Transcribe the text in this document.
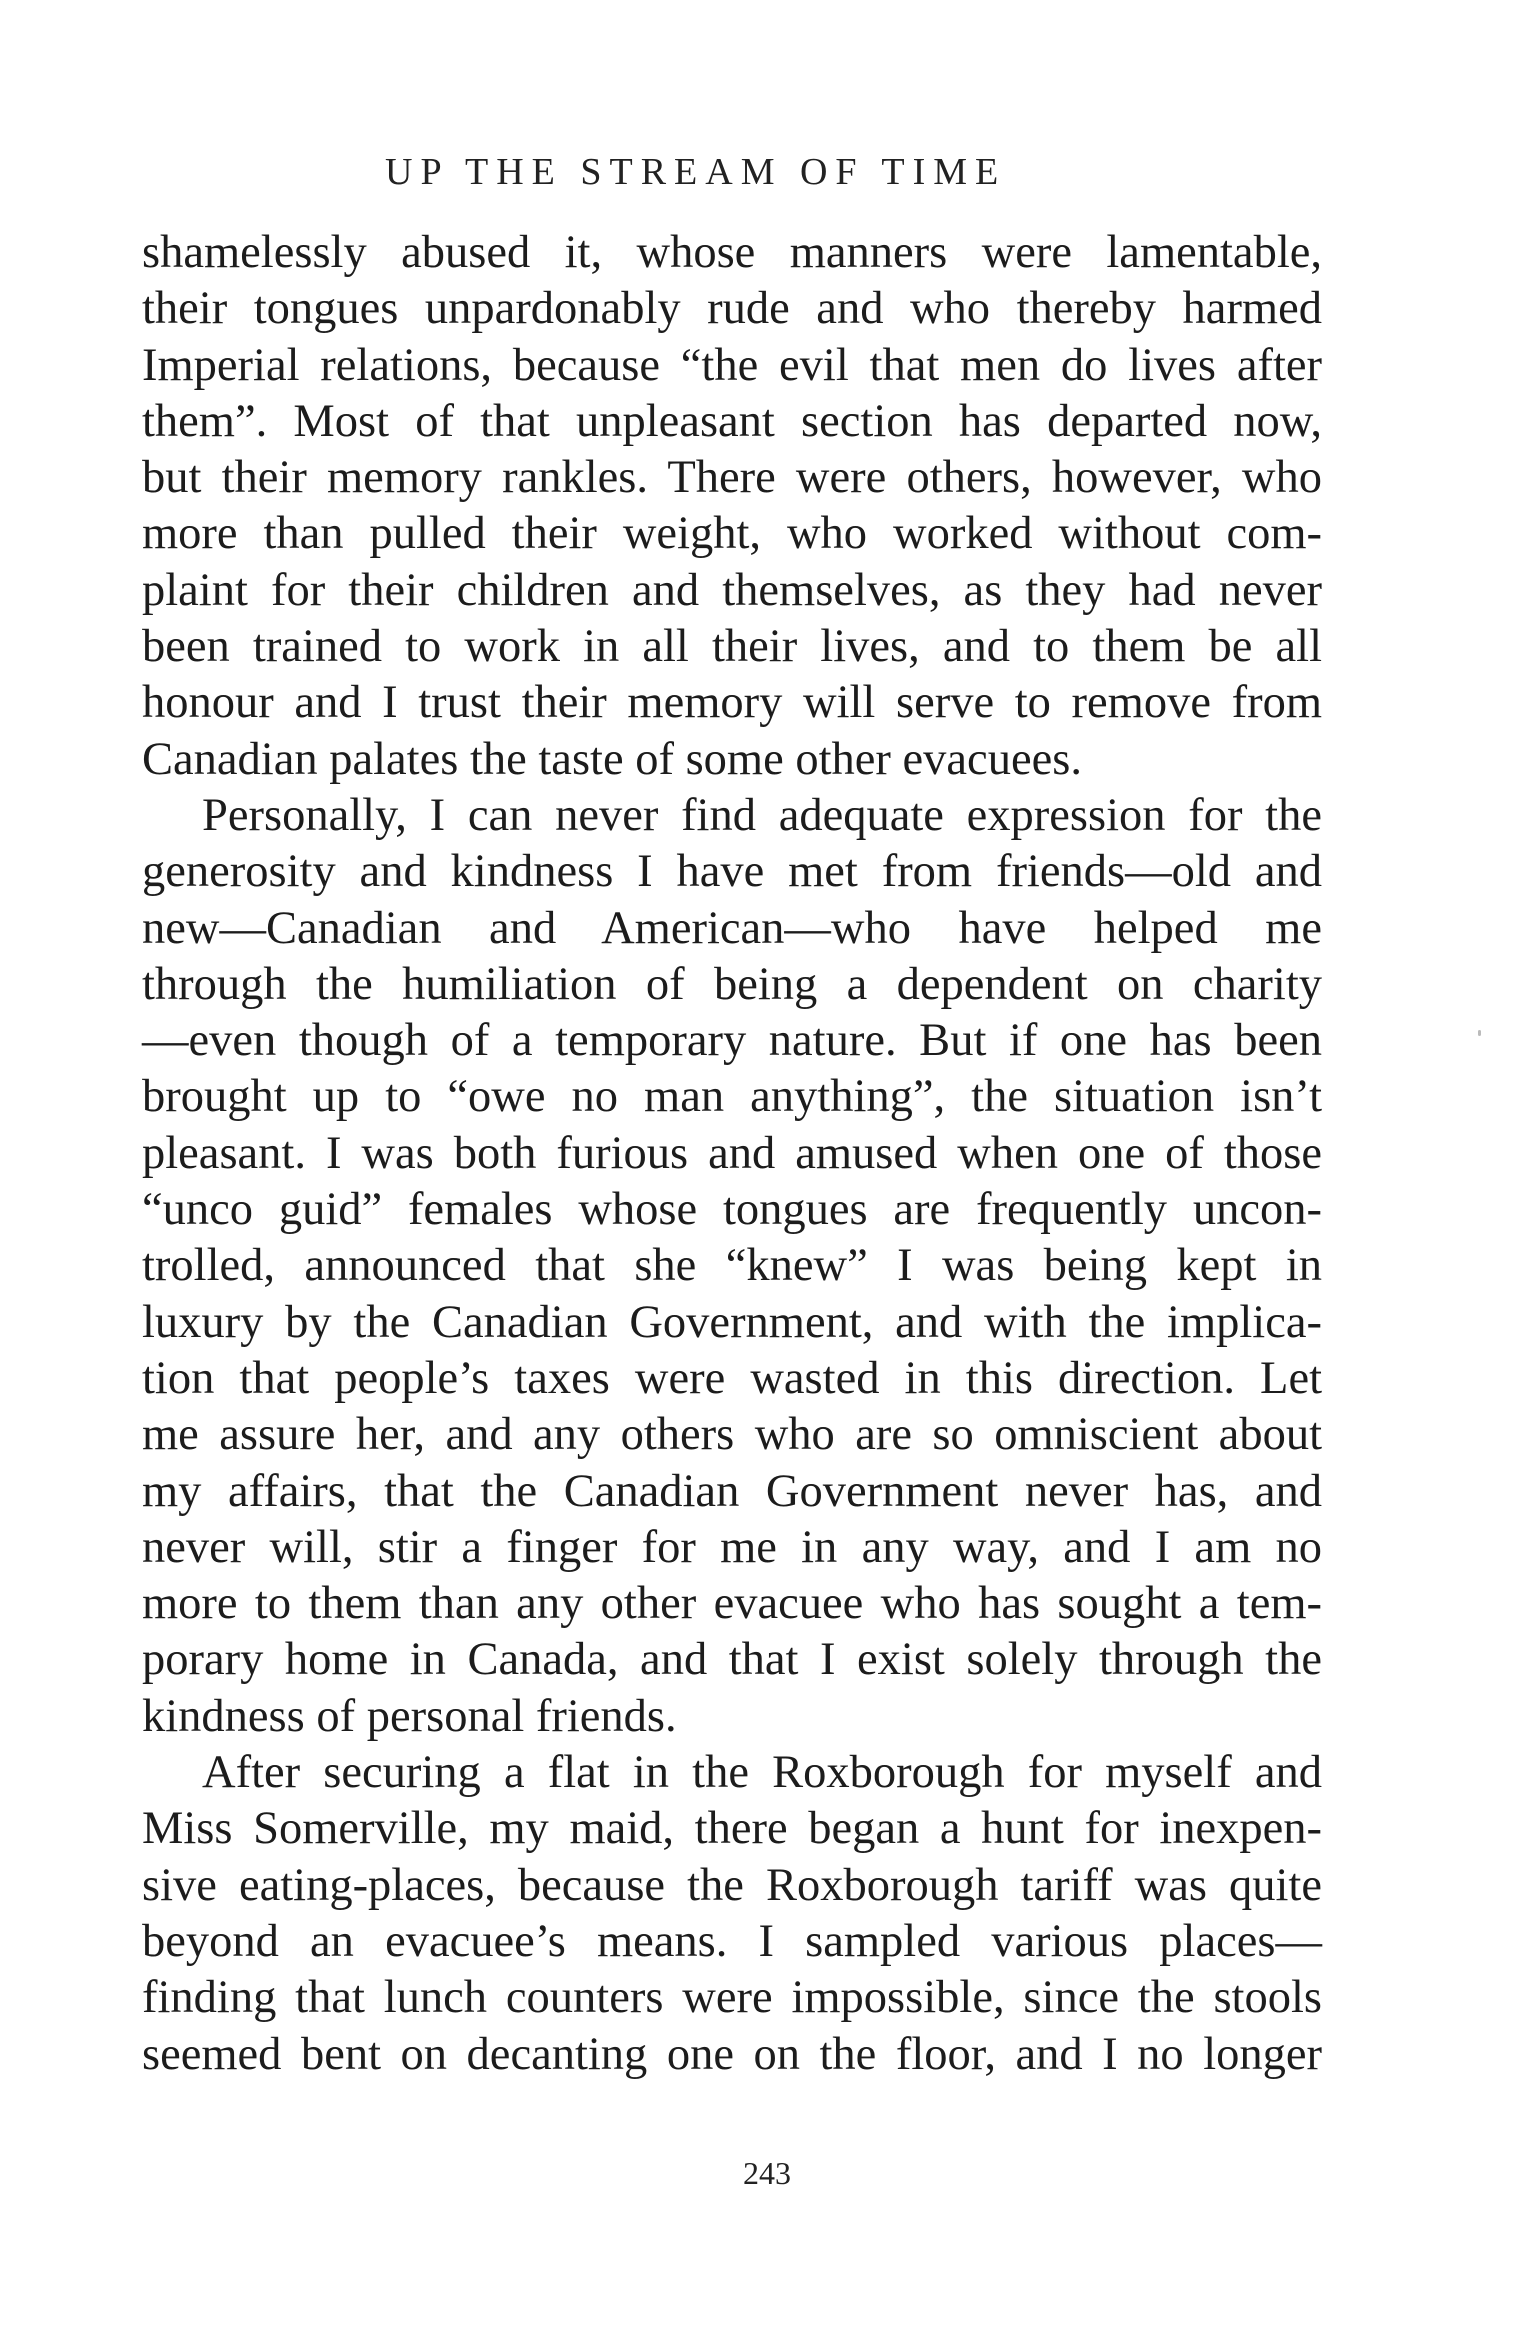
UP THE STREAM OF TIME
shamelessly abused it, whose manners were lamentable,
their tongues unpardonably rude and who thereby harmed
Imperial relations, because “the evil that men do lives after
them”. Most of that unpleasant section has departed now,
but their memory rankles. There were others, however, who
more than pulled their weight, who worked without com-
plaint for their children and themselves, as they had never
been trained to work in all their lives, and to them be all
honour and I trust their memory will serve to remove from
Canadian palates the taste of some other evacuees.
Personally, I can never find adequate expression for the
generosity and kindness I have met from friends—old and
new—Canadian and American—who have helped me
through the humiliation of being a dependent on charity
—even though of a temporary nature. But if one has been
brought up to “owe no man anything”, the situation isn’t
pleasant. I was both furious and amused when one of those
“unco guid” females whose tongues are frequently uncon-
trolled, announced that she “knew” I was being kept in
luxury by the Canadian Government, and with the implica-
tion that people’s taxes were wasted in this direction. Let
me assure her, and any others who are so omniscient about
my affairs, that the Canadian Government never has, and
never will, stir a finger for me in any way, and I am no
more to them than any other evacuee who has sought a tem-
porary home in Canada, and that I exist solely through the
kindness of personal friends.
After securing a flat in the Roxborough for myself and
Miss Somerville, my maid, there began a hunt for inexpen-
sive eating-places, because the Roxborough tariff was quite
beyond an evacuee’s means. I sampled various places—
finding that lunch counters were impossible, since the stools
seemed bent on decanting one on the floor, and I no longer
243
